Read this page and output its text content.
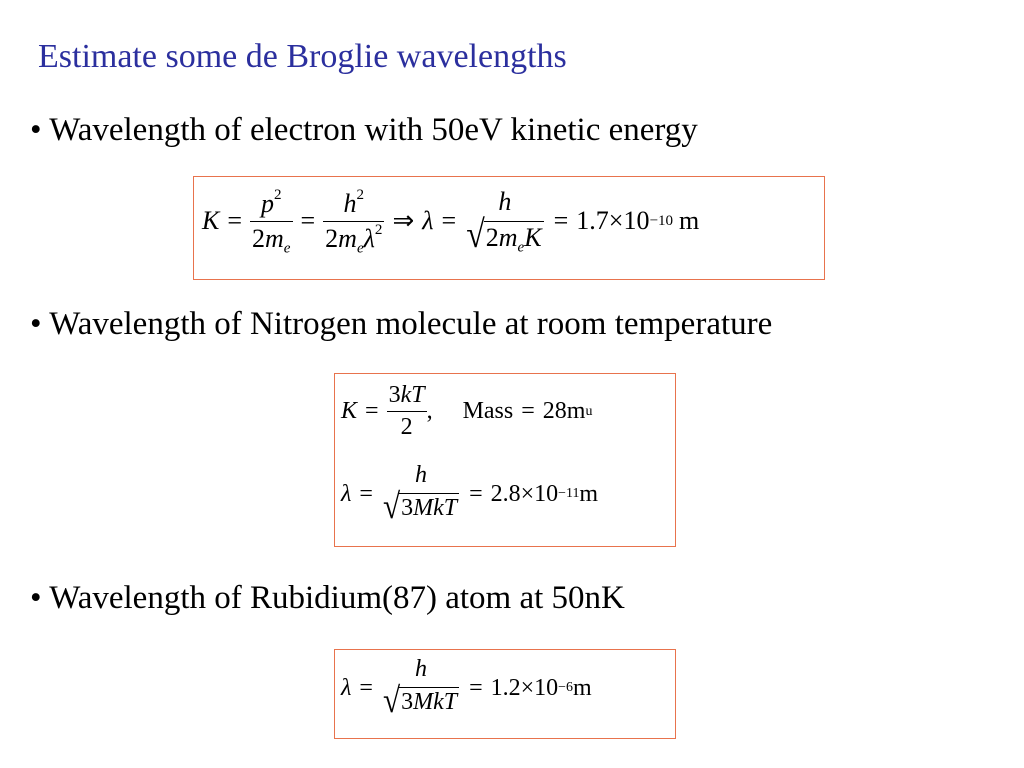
Estimate some de Broglie wavelengths
• Wavelength of electron with 50eV kinetic energy
$K = \frac{p^2}{2m_e} = \frac{h^2}{2m_e\lambda^2}$ ⇒ λ =
h
√ $2m_eK$
= 1.7 × 10 −10 m
• Wavelength of Nitrogen molecule at room temperature
$K = \frac{3kT}{2}$ ,	Mass = 28m u
λ =
h
√ 3MkT
= 2.8 × 10 −11 m
• Wavelength of Rubidium(87) atom at 50nK
λ =
h
√ 3MkT
= 1.2 × 10 −6 m
